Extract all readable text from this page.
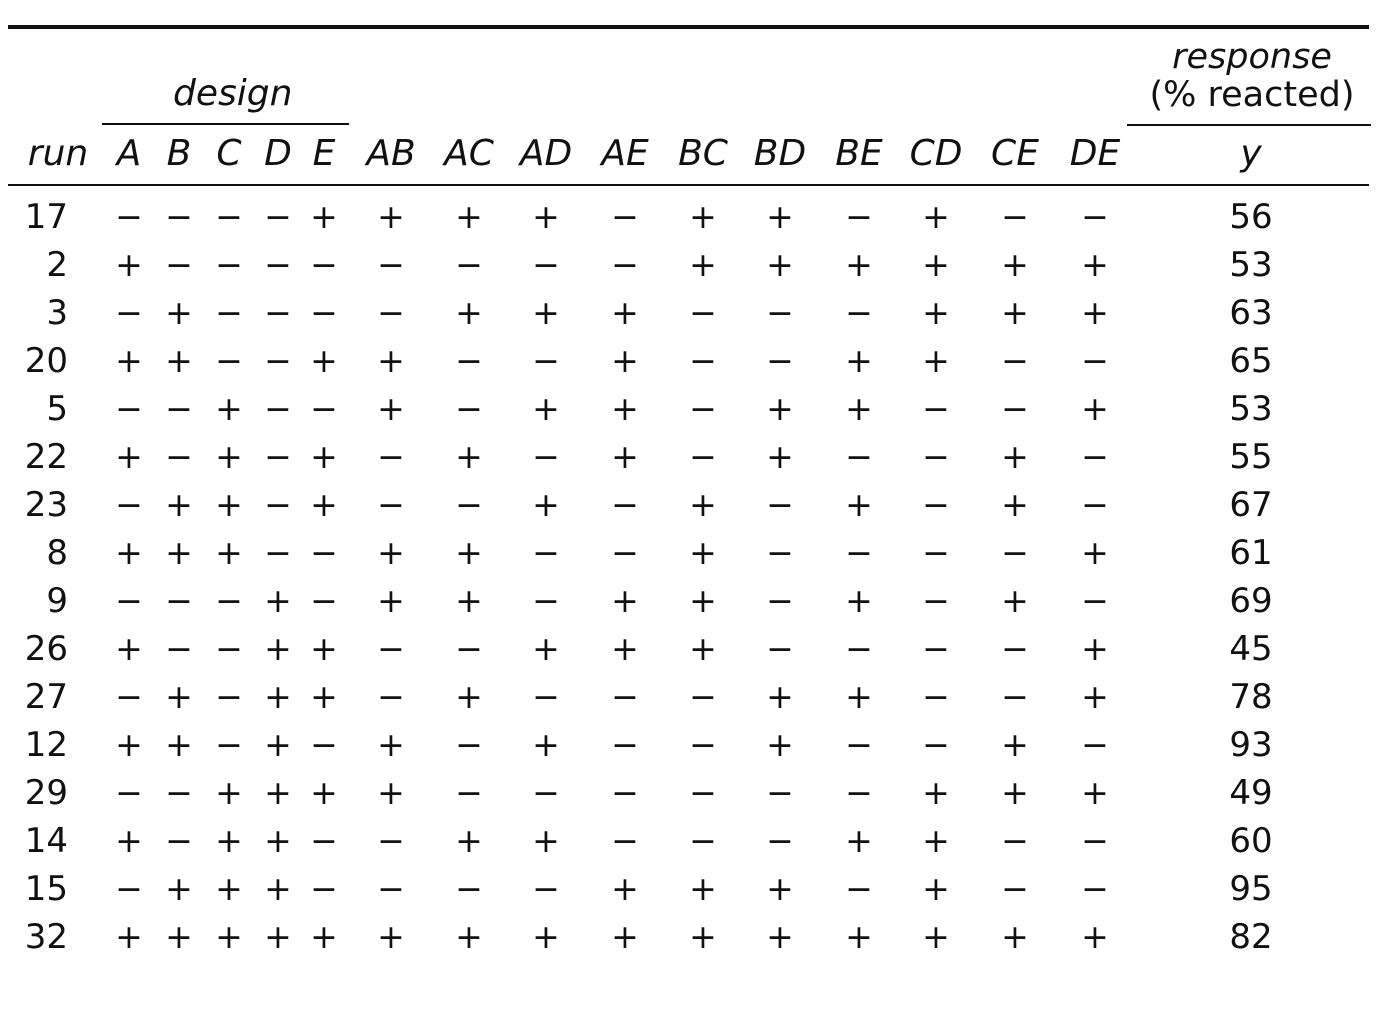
design
response
(% reacted)
run A B C D E AB AC AD AE BC BD BE CD CE DE	y
17 − − − − + + + + − + + − + − −	56
2 + − − − − − − − − + + + + + +	53
3 − + − − − − + + + − − − + + +	63
20 + + − − + + − − + − − + + − −	65
5 − − + − − + − + + − + + − − +	53
22 + − + − + − + − + − + − − + −	55
23 − + + − + − − + − + − + − + −	67
8 + + + − − + + − − + − − − − +	61
9 − − − + − + + − + + − + − + −	69
26 + − − + + − − + + + − − − − +	45
27 − + − + + − + − − − + + − − +	78
12 + + − + − + − + − − + − − + −	93
29 − − + + + + − − − − − − + + +	49
14 + − + + − − + + − − − + + − −	60
15 − + + + − − − − + + + − + − −	95
32 + + + + + + + + + + + + + + +	82
